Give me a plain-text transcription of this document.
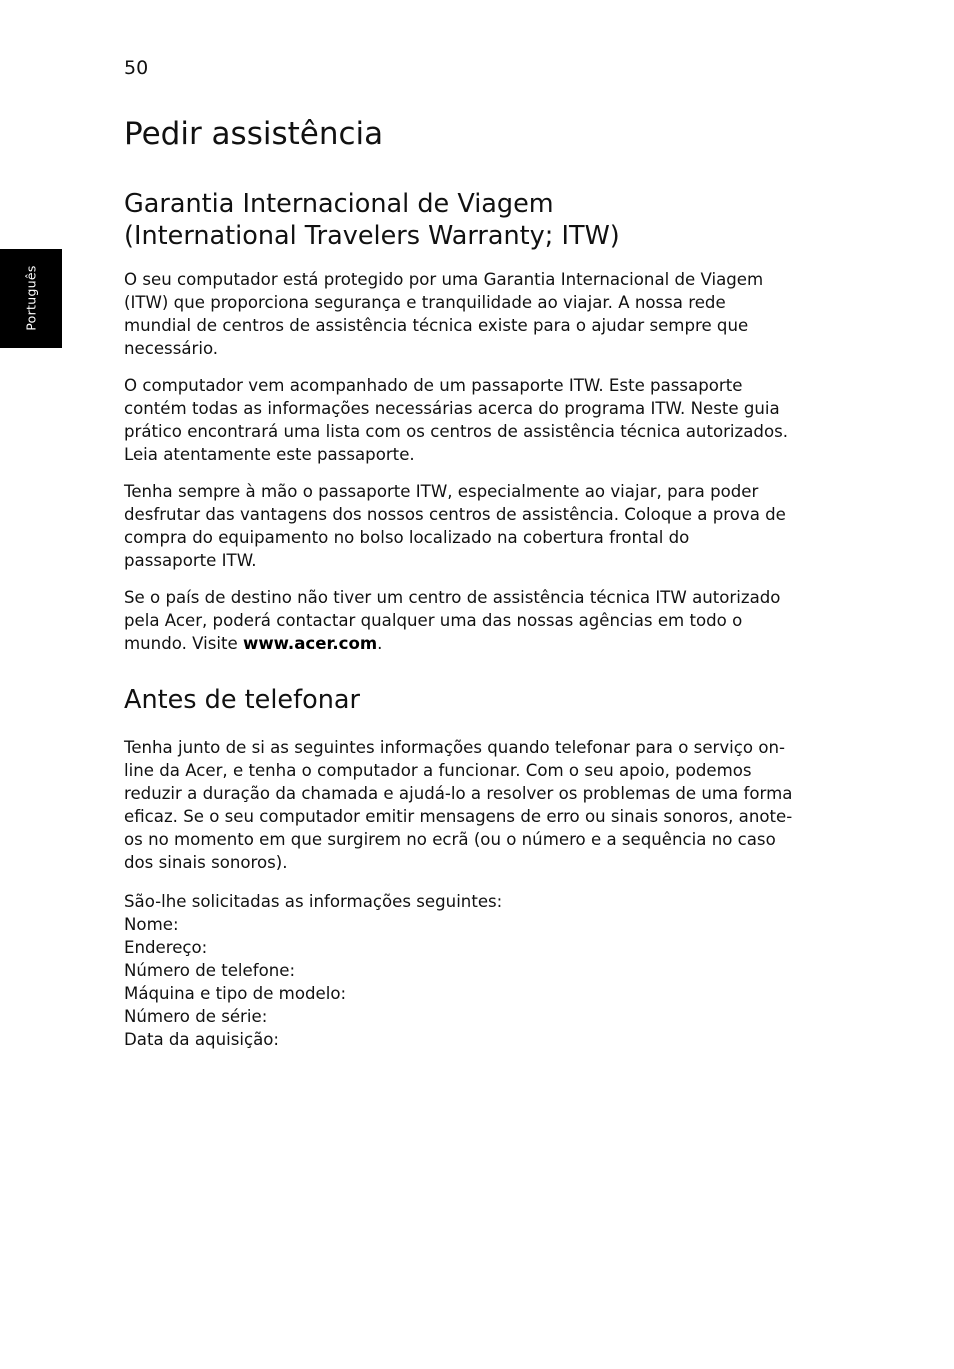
50
Português
Pedir assistência
Garantia Internacional de Viagem
(International Travelers Warranty; ITW)

O seu computador está protegido por uma Garantia Internacional de Viagem
(ITW) que proporciona segurança e tranquilidade ao viajar. A nossa rede
mundial de centros de assistência técnica existe para o ajudar sempre que
necessário.

O computador vem acompanhado de um passaporte ITW. Este passaporte
contém todas as informações necessárias acerca do programa ITW. Neste guia
prático encontrará uma lista com os centros de assistência técnica autorizados.
Leia atentamente este passaporte.

Tenha sempre à mão o passaporte ITW, especialmente ao viajar, para poder
desfrutar das vantagens dos nossos centros de assistência. Coloque a prova de
compra do equipamento no bolso localizado na cobertura frontal do
passaporte ITW.

Se o país de destino não tiver um centro de assistência técnica ITW autorizado
pela Acer, poderá contactar qualquer uma das nossas agências em todo o
mundo. Visite www.acer.com.

Antes de telefonar

Tenha junto de si as seguintes informações quando telefonar para o serviço on-
line da Acer, e tenha o computador a funcionar. Com o seu apoio, podemos
reduzir a duração da chamada e ajudá-lo a resolver os problemas de uma forma
eficaz. Se o seu computador emitir mensagens de erro ou sinais sonoros, anote-
os no momento em que surgirem no ecrã (ou o número e a sequência no caso
dos sinais sonoros).

São-lhe solicitadas as informações seguintes:
Nome:
Endereço:
Número de telefone:
Máquina e tipo de modelo:
Número de série:
Data da aquisição:
